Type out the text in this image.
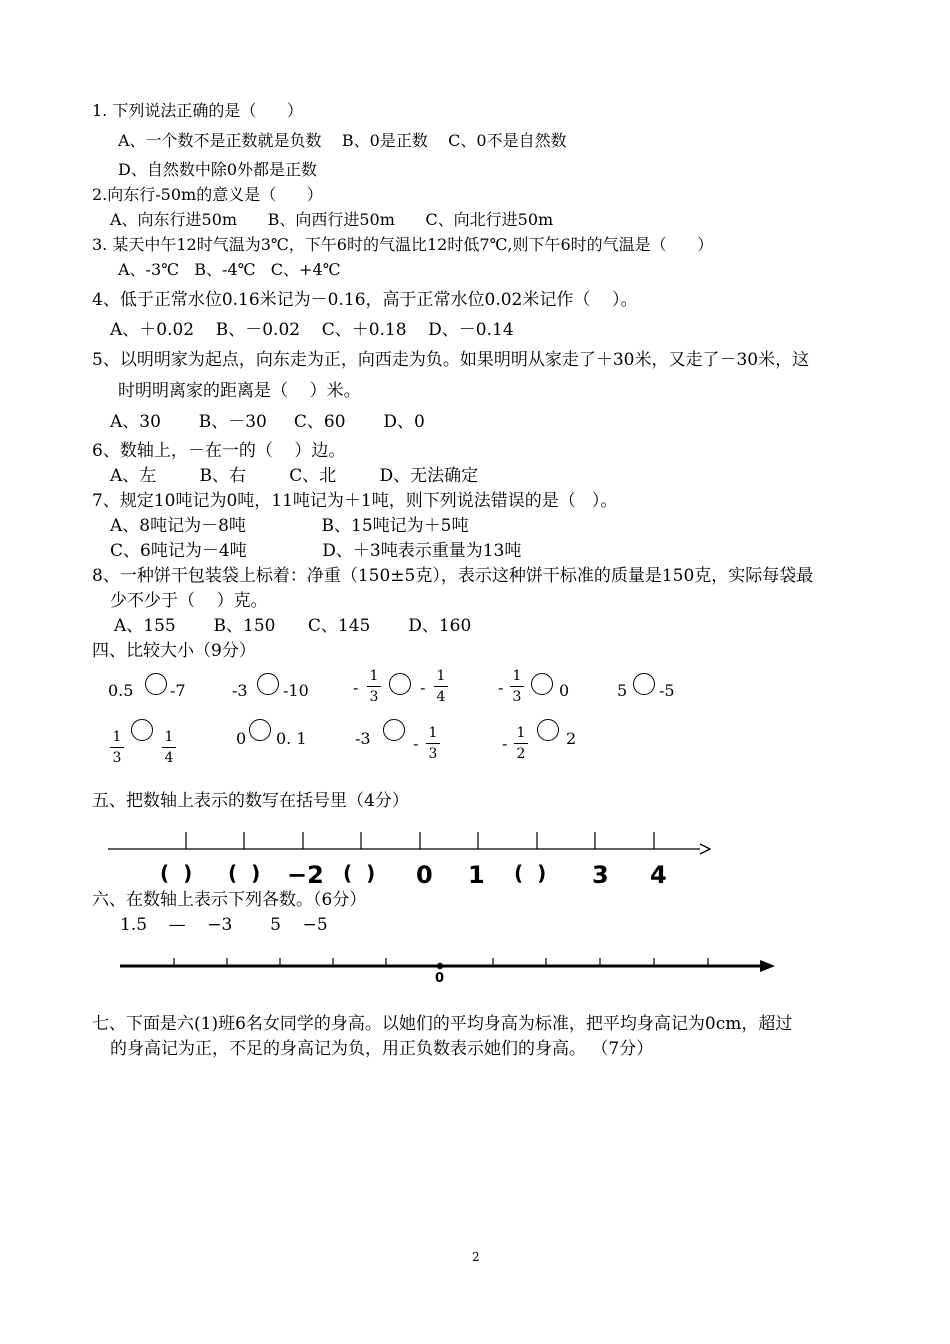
1. 下列说法正确的是（      ）
A、一个数不是正数就是负数    B、0是正数    C、0不是自然数
D、自然数中除0外都是正数
2.向东行-50m的意义是（      ）
A、向东行进50m      B、向西行进50m      C、向北行进50m
3. 某天中午12时气温为3℃，下午6时的气温比12时低7℃,则下午6时的气温是（      ）
A、-3℃   B、-4℃   C、+4℃
4、低于正常水位0.16米记为－0.16，高于正常水位0.02米记作（    ）。
A、＋0.02    B、－0.02    C、＋0.18    D、－0.14
5、以明明家为起点，向东走为正，向西走为负。如果明明从家走了＋30米，又走了－30米，这
时明明离家的距离是（    ）米。
A、30       B、－30     C、60       D、0
6、数轴上，－在一的（    ）边。
A、左        B、右        C、北        D、无法确定
7、规定10吨记为0吨，11吨记为＋1吨，则下列说法错误的是（   ）。
A、8吨记为－8吨              B、15吨记为＋5吨
C、6吨记为－4吨              D、＋3吨表示重量为13吨
8、一种饼干包装袋上标着：净重（150±5克），表示这种饼干标准的质量是150克，实际每袋最
少不少于（    ）克。
A、155       B、150      C、145       D、160
四、比较大小（9分）
0.5 -7	-3 -10	- $\frac{1}{3} - \frac{1}{4}$	- $\frac{1}{3} 0$	5 -5
$\frac{1}{3}$	$\frac{1}{4}$	0 0. 1	-3	- $\frac{1}{3}$	- $\frac{1}{2} 2$
五、把数轴上表示的数写在括号里（4分）
(  ) (  ) −2 (  ) 0 1 (  ) 3 4
六、在数轴上表示下列各数。（6分）
1.5    —    −3       5    −5
0
七、下面是六(1)班6名女同学的身高。以她们的平均身高为标准，把平均身高记为0cm，超过
的身高记为正，不足的身高记为负，用正负数表示她们的身高。 （7分）
2
